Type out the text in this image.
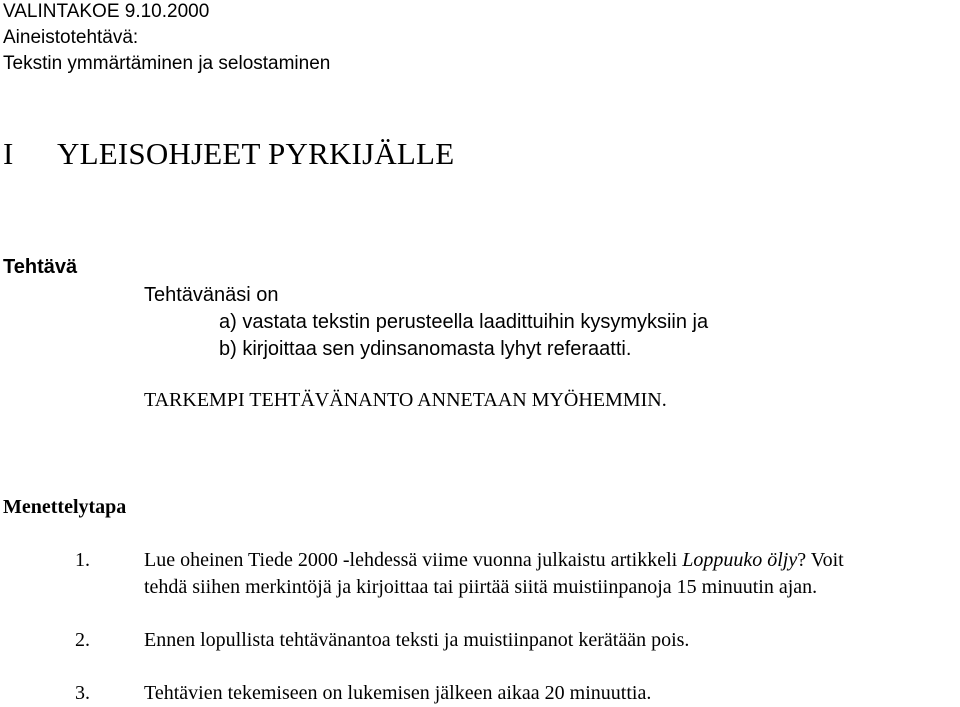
VALINTAKOE 9.10.2000
Aineistotehtävä:
Tekstin ymmärtäminen ja selostaminen
I YLEISOHJEET PYRKIJÄLLE
Tehtävä
Tehtävänäsi on
a) vastata tekstin perusteella laadittuihin kysymyksiin ja
b) kirjoittaa sen ydinsanomasta lyhyt referaatti.
TARKEMPI TEHTÄVÄNANTO ANNETAAN MYÖHEMMIN.
Menettelytapa
1.	Lue oheinen Tiede 2000 -lehdessä viime vuonna julkaistu artikkeli Loppuuko öljy? Voit
tehdä siihen merkintöjä ja kirjoittaa tai piirtää siitä muistiinpanoja 15 minuutin ajan.
2.	Ennen lopullista tehtävänantoa teksti ja muistiinpanot kerätään pois.
3.	Tehtävien tekemiseen on lukemisen jälkeen aikaa 20 minuuttia.
